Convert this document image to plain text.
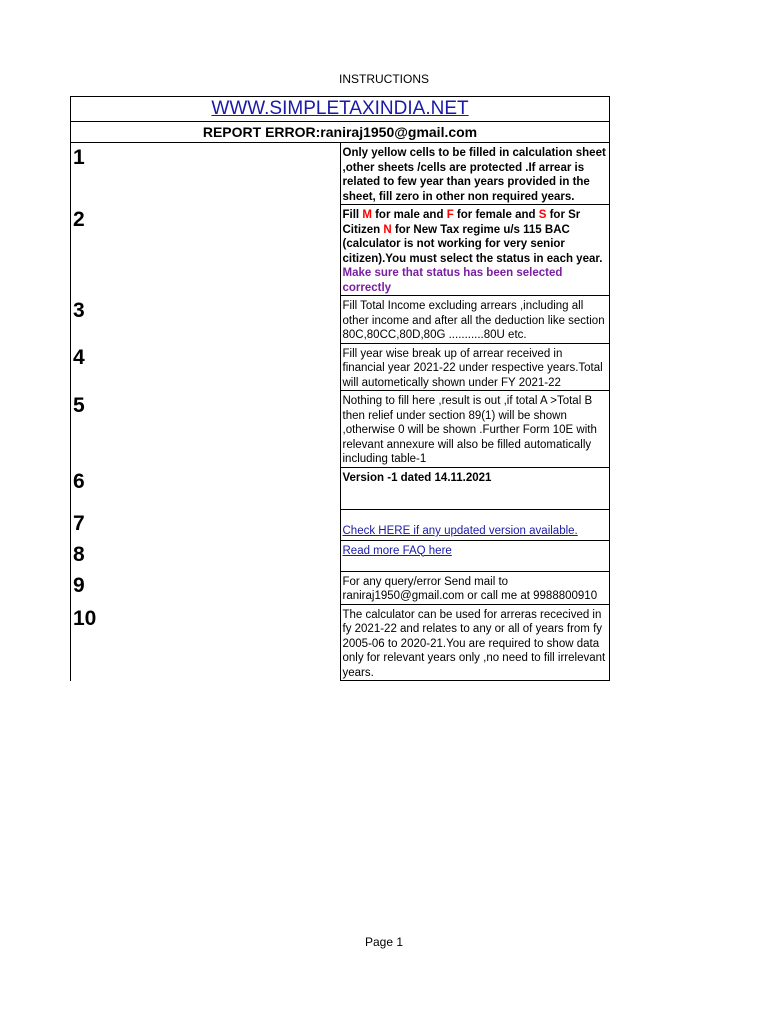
INSTRUCTIONS
WWW.SIMPLETAXINDIA.NET	
REPORT ERROR:raniraj1950@gmail.com	
1	Only yellow cells to be filled in calculation sheet ,other sheets /cells are protected .If arrear is related to few year than years provided in the sheet, fill zero in other non required years.
2	Fill M for male and F for female and S for Sr Citizen N for New Tax regime u/s 115 BAC (calculator is not working for very senior citizen).You must select the status in each year. Make sure that status has been selected correctly
3	Fill Total Income excluding arrears ,including all other income and after all the deduction like section 80C,80CC,80D,80G ...........80U etc.
4	Fill year wise break up of arrear received in financial year 2021-22 under respective years.Total will autometically shown under FY 2021-22
5	Nothing to fill here ,result is out ,if total A >Total B then relief under section 89(1) will be shown ,otherwise 0 will be shown .Further Form 10E with relevant annexure will also be filled automatically including table-1
6	Version -1 dated 14.11.2021
7	Check HERE if any updated version available.
8	Read more FAQ here
9	For any query/error Send mail to raniraj1950@gmail.com or call me at 9988800910
10	The calculator can be used for arreras rececived in fy 2021-22 and relates to any or all of years from fy 2005-06 to 2020-21.You are required to show data only for relevant years only ,no need to fill irrelevant years.
Page 1
